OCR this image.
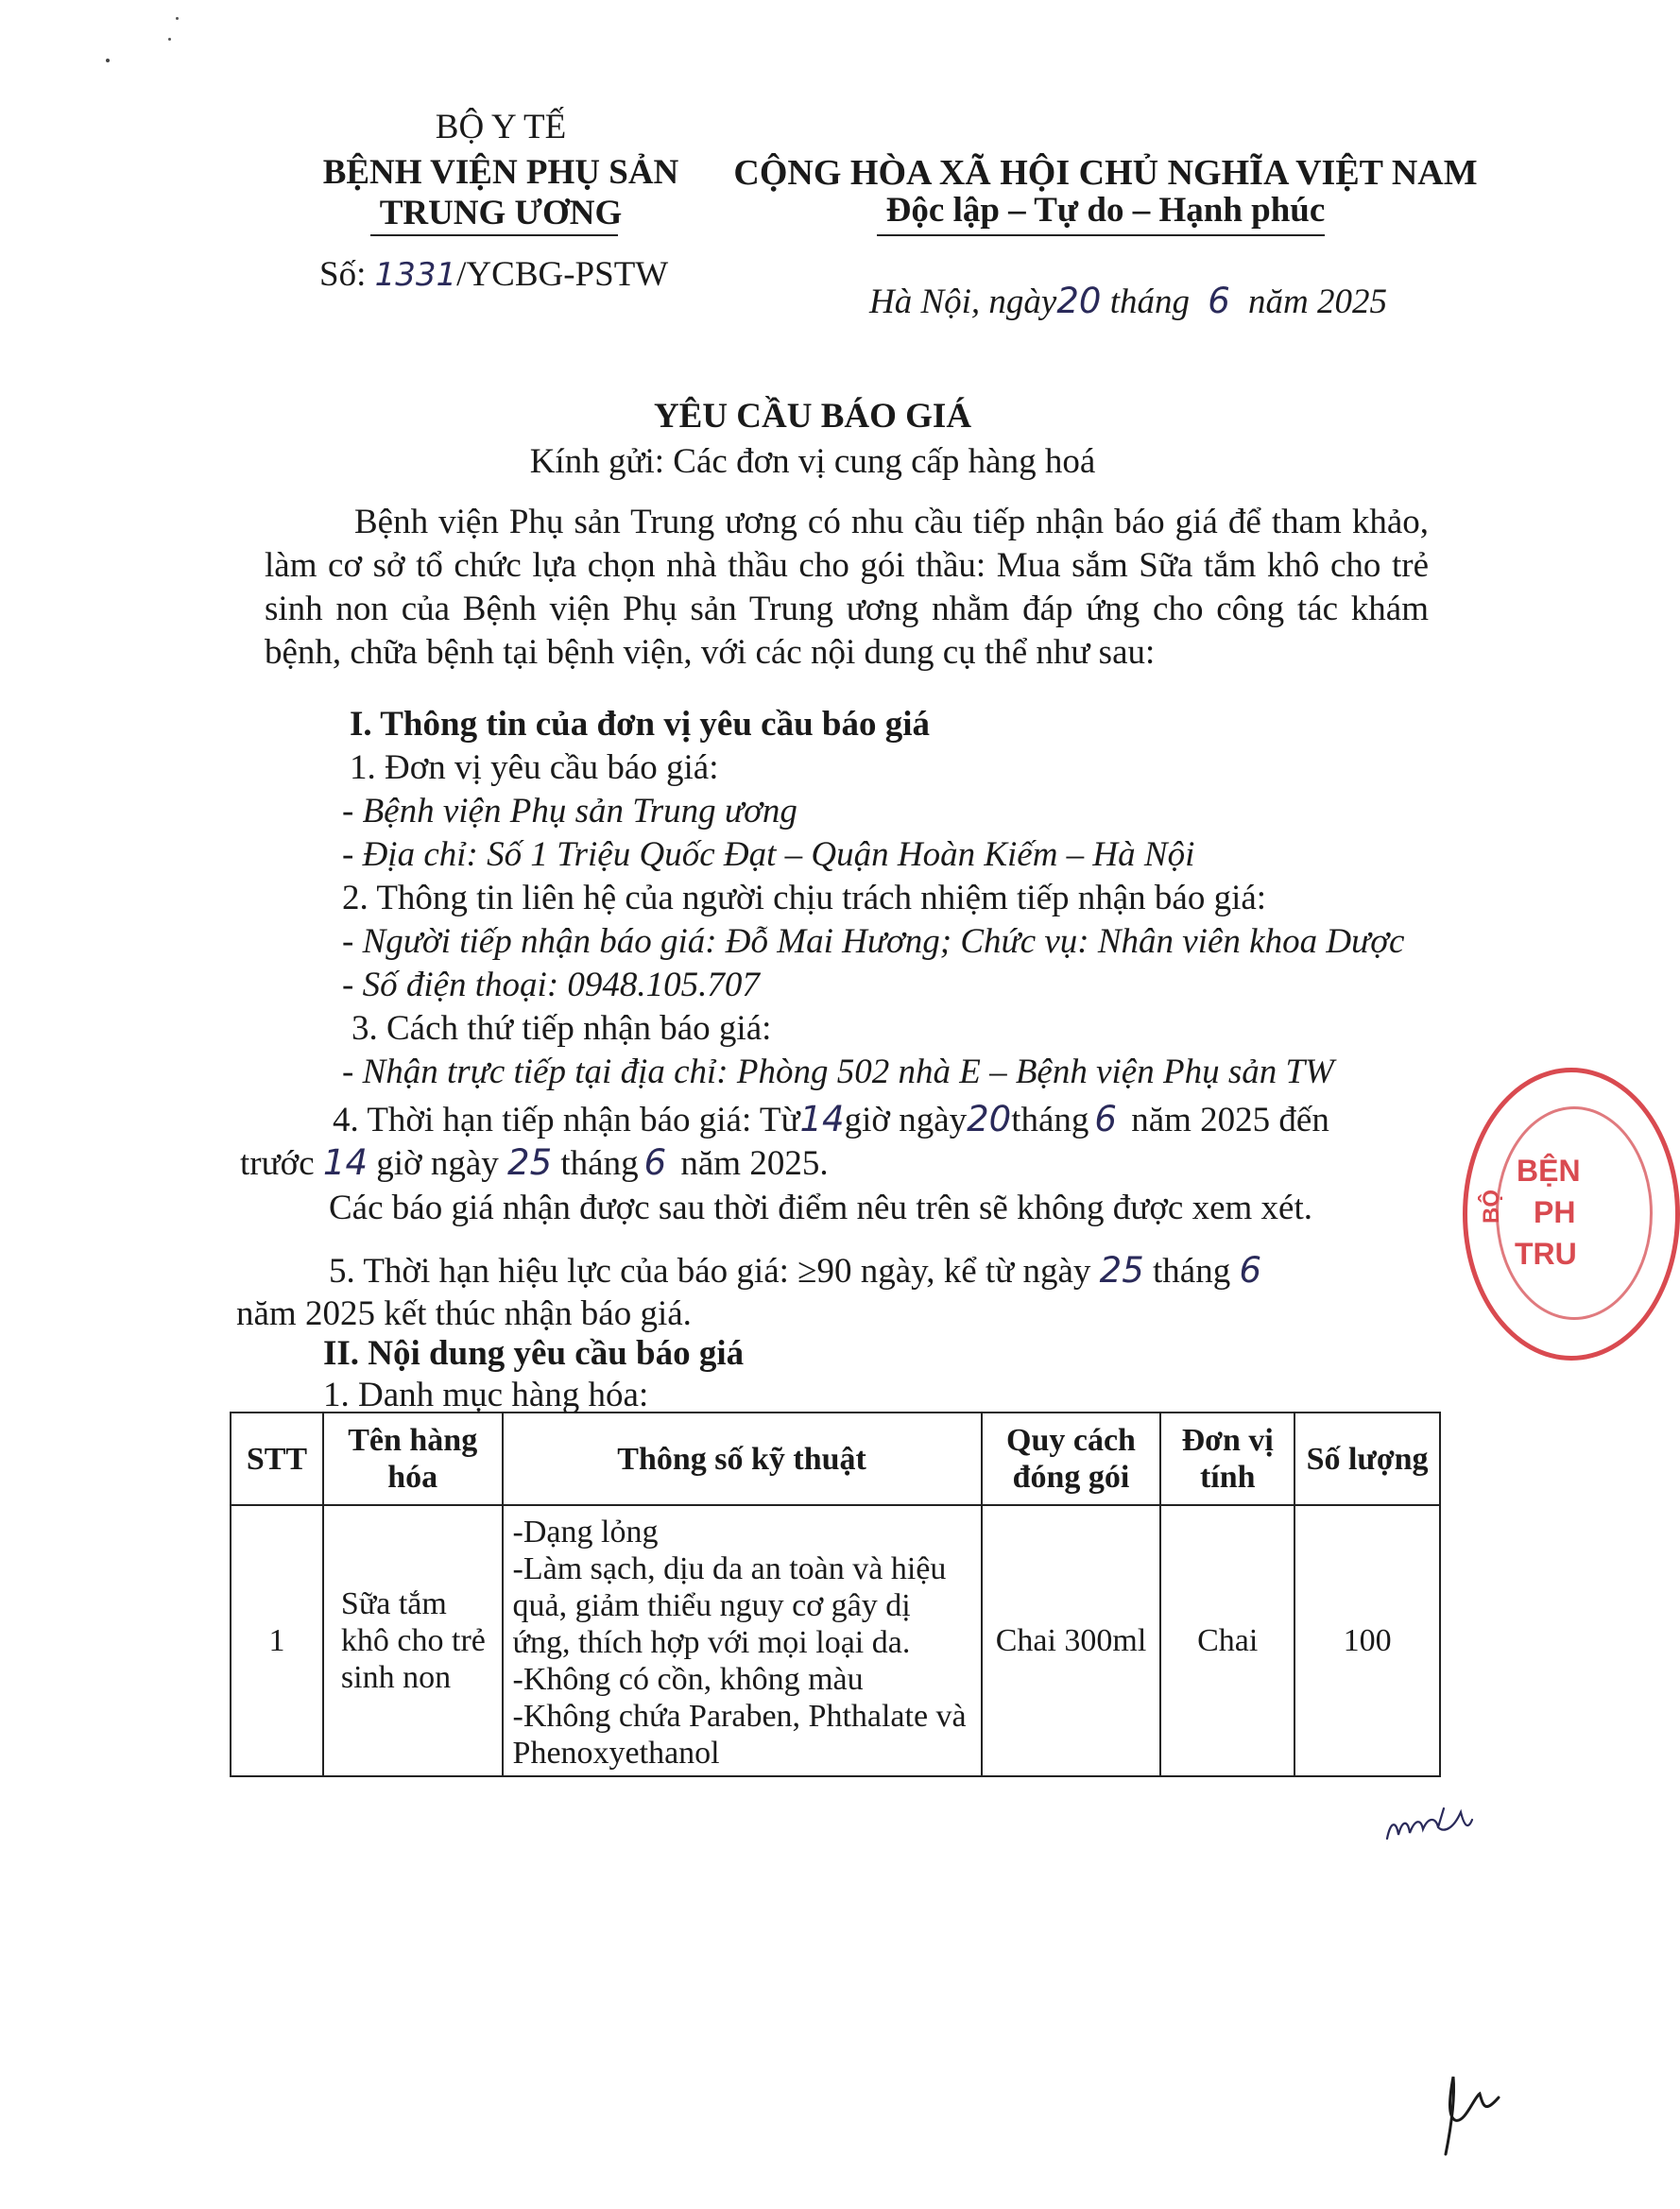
BỘ Y TẾ
BỆNH VIỆN PHỤ SẢN
TRUNG ƯƠNG
Số: 1331/YCBG-PSTW
CỘNG HÒA XÃ HỘI CHỦ NGHĨA VIỆT NAM
Độc lập – Tự do – Hạnh phúc
Hà Nội, ngày20 tháng 6 năm 2025
YÊU CẦU BÁO GIÁ
Kính gửi: Các đơn vị cung cấp hàng hoá
Bệnh viện Phụ sản Trung ương có nhu cầu tiếp nhận báo giá để tham khảo, làm cơ sở tổ chức lựa chọn nhà thầu cho gói thầu: Mua sắm Sữa tắm khô cho trẻ sinh non của Bệnh viện Phụ sản Trung ương nhằm đáp ứng cho công tác khám bệnh, chữa bệnh tại bệnh viện, với các nội dung cụ thể như sau:
I. Thông tin của đơn vị yêu cầu báo giá
1. Đơn vị yêu cầu báo giá:
- Bệnh viện Phụ sản Trung ương
- Địa chỉ: Số 1 Triệu Quốc Đạt – Quận Hoàn Kiếm – Hà Nội
2. Thông tin liên hệ của người chịu trách nhiệm tiếp nhận báo giá:
- Người tiếp nhận báo giá: Đỗ Mai Hương; Chức vụ: Nhân viên khoa Dược
- Số điện thoại: 0948.105.707
3. Cách thứ tiếp nhận báo giá:
- Nhận trực tiếp tại địa chỉ: Phòng 502 nhà E – Bệnh viện Phụ sản TW
4. Thời hạn tiếp nhận báo giá: Từ14giờ ngày20tháng 6 năm 2025 đến
trước 14 giờ ngày 25 tháng 6 năm 2025.
Các báo giá nhận được sau thời điểm nêu trên sẽ không được xem xét.
5. Thời hạn hiệu lực của báo giá: ≥90 ngày, kể từ ngày 25 tháng 6
năm 2025 kết thúc nhận báo giá.
II. Nội dung yêu cầu báo giá
1. Danh mục hàng hóa:
STT	Tên hàng hóa	Thông số kỹ thuật	Quy cách đóng gói	Đơn vị tính	Số lượng
1	Sữa tắm khô cho trẻ sinh non	-Dạng lỏng
-Làm sạch, dịu da an toàn và hiệu quả, giảm thiểu nguy cơ gây dị ứng, thích hợp với mọi loại da.
-Không có cồn, không màu
-Không chứa Paraben, Phthalate và Phenoxyethanol	Chai 300ml	Chai	100
BỘ
BỆN
PH
TRU
